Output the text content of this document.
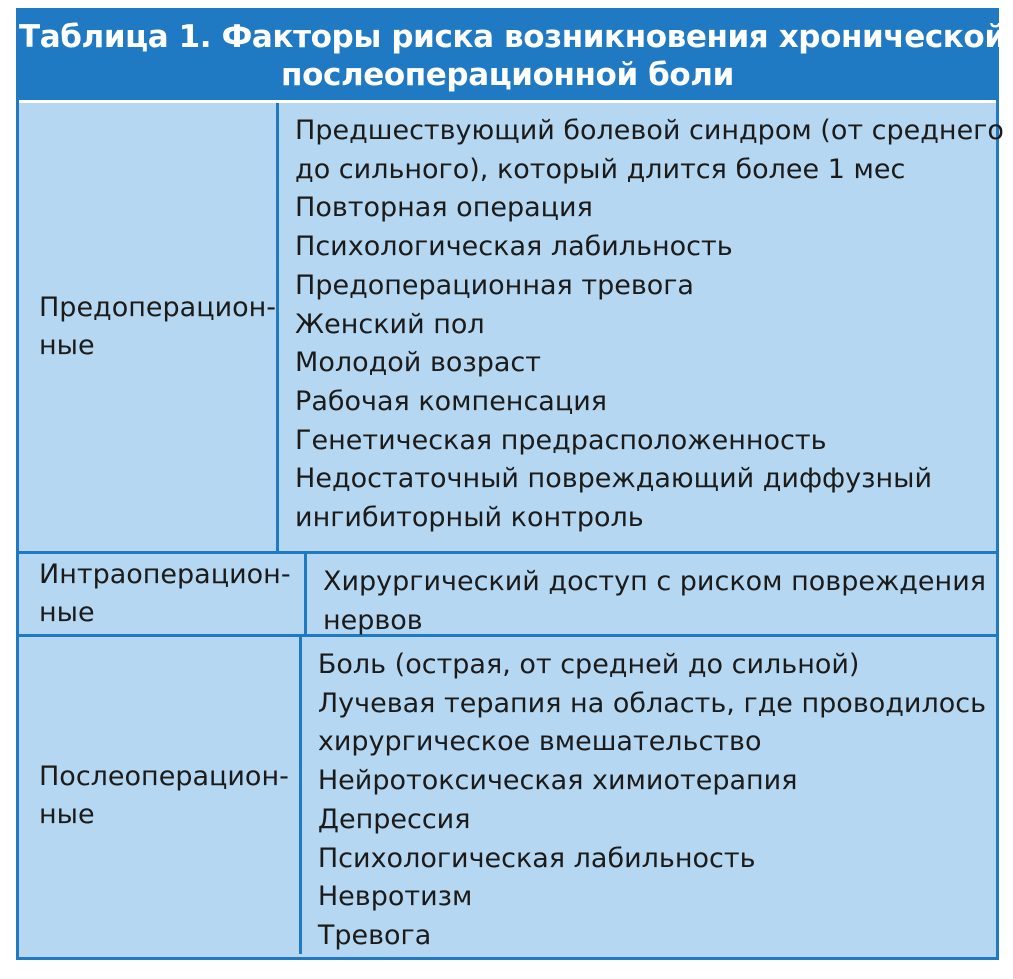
Таблица 1. Факторы риска возникновения хронической
послеоперационной боли
Предоперацион-
ные
Предшествующий болевой синдром (от среднего
до сильного), который длится более 1 мес
Повторная операция
Психологическая лабильность
Предоперационная тревога
Женский пол
Молодой возраст
Рабочая компенсация
Генетическая предрасположенность
Недостаточный повреждающий диффузный
ингибиторный контроль
Интраоперацион-
ные
Хирургический доступ с риском повреждения
нервов
Послеоперацион-
ные
Боль (острая, от средней до сильной)
Лучевая терапия на область, где проводилось
хирургическое вмешательство
Нейротоксическая химиотерапия
Депрессия
Психологическая лабильность
Невротизм
Тревога
